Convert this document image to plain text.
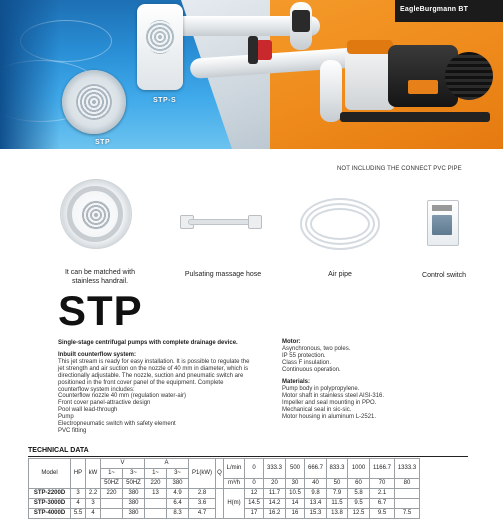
EagleBurgmann BT
STP
STP-S
NOT INCLUDING THE CONNECT PVC PIPE
It can be matched with
stainless handrail.
Pulsating massage hose	Air pipe	Control switch
STP
Single-stage centrifugal pumps with complete drainage device.
Inbuilt counterflow system:
This jet stream is ready for easy installation. It is possible to regulate the
jet strength and air suction on the nozzle of 40 mm in diameter, which is
directionally adjustable. The nozzle, suction and pneumatic switch are
positioned in the front cover panel of the equipment. Complete
counterflow system includes:
Counterflow nozzle 40 mm (regulation water-air)
Front cover panel-attractive design
Pool wall lead-through
Pump
Electropneumatic switch with safety element
PVC fitting
Motor:
Asynchronous, two poles.
IP 55 protection.
Class F insulation.
Continuous operation.
Materials:
Pump body in polypropylene.
Motor shaft in stainless steel AISI-316.
Impeller and seal mounting in PPO.
Mechanical seal in sic-sic.
Motor housing in aluminum L-2521.
TECHNICAL DATA
Model	HP	kW	V		A		P1(kW)	Q	L/min	0	333.3	500	666.7	833.3	1000	1166.7	1333.3
			1~	3~	1~	3~											
			50HZ	50HZ	220	380			m³/h	0	20	30	40	50	60	70	80
STP-2200D	3	2.2	220	380	13	4.9	2.8		H(m)	12	11.7	10.5	9.8	7.9	5.8	2.1	
STP-3000D	4	3		380		6.4	3.6			14.5	14.2	14	13.4	11.5	9.5	6.7	
STP-4000D	5.5	4		380		8.3	4.7			17	16.2	16	15.3	13.8	12.5	9.5	7.5
